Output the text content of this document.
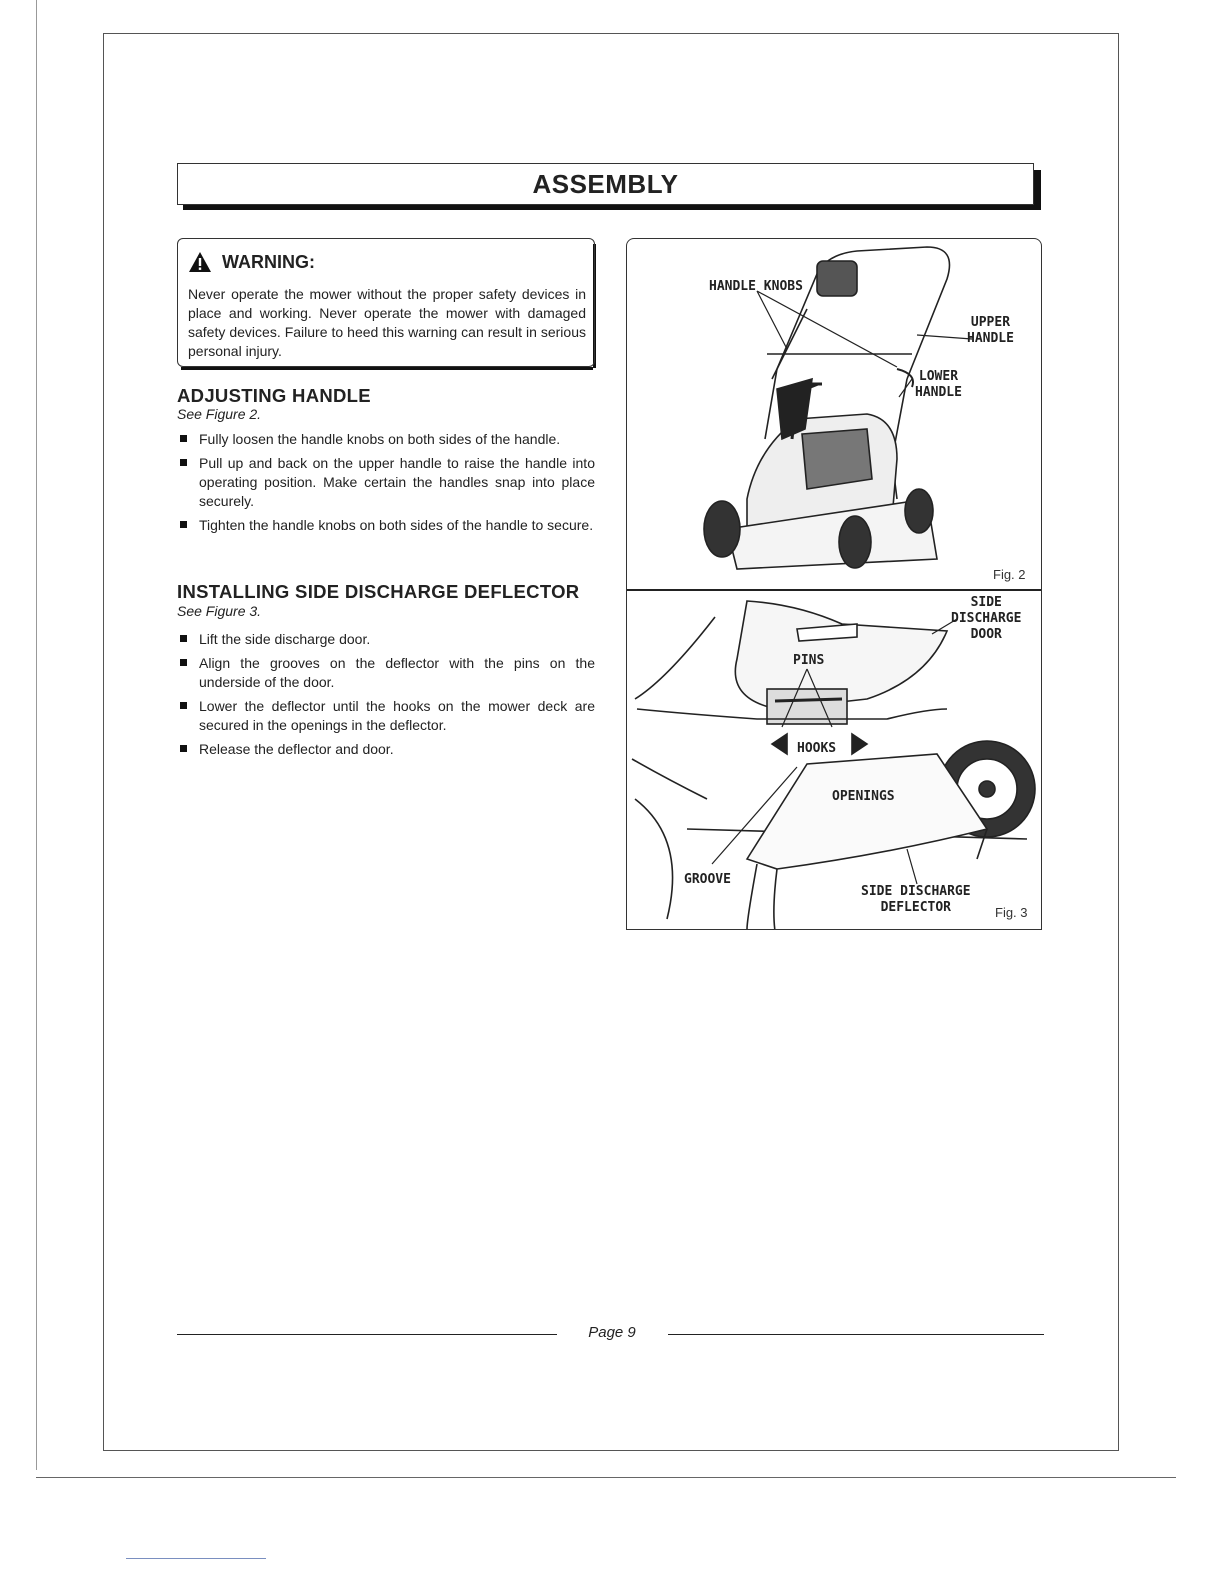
ASSEMBLY
WARNING:
Never operate the mower without the proper safety devices in place and working. Never operate the mower with damaged safety devices. Failure to heed this warning can result in serious personal injury.
ADJUSTING HANDLE
See Figure 2.
Fully loosen the handle knobs on both sides of the handle.
Pull up and back on the upper handle to raise the handle into operating position. Make certain the handles snap into place securely.
Tighten the handle knobs on both sides of the handle to secure.
INSTALLING SIDE DISCHARGE DEFLECTOR
See Figure 3.
Lift the side discharge door.
Align the grooves on the deflector with the pins on the underside of the door.
Lower the deflector until the hooks on the mower deck are secured in the openings in the deflector.
Release the deflector and door.
HANDLE KNOBS
UPPER
HANDLE
LOWER
HANDLE
Fig. 2
SIDE
DISCHARGE
DOOR
PINS
HOOKS
OPENINGS
GROOVE
SIDE DISCHARGE
DEFLECTOR	Fig. 3
Page 9
